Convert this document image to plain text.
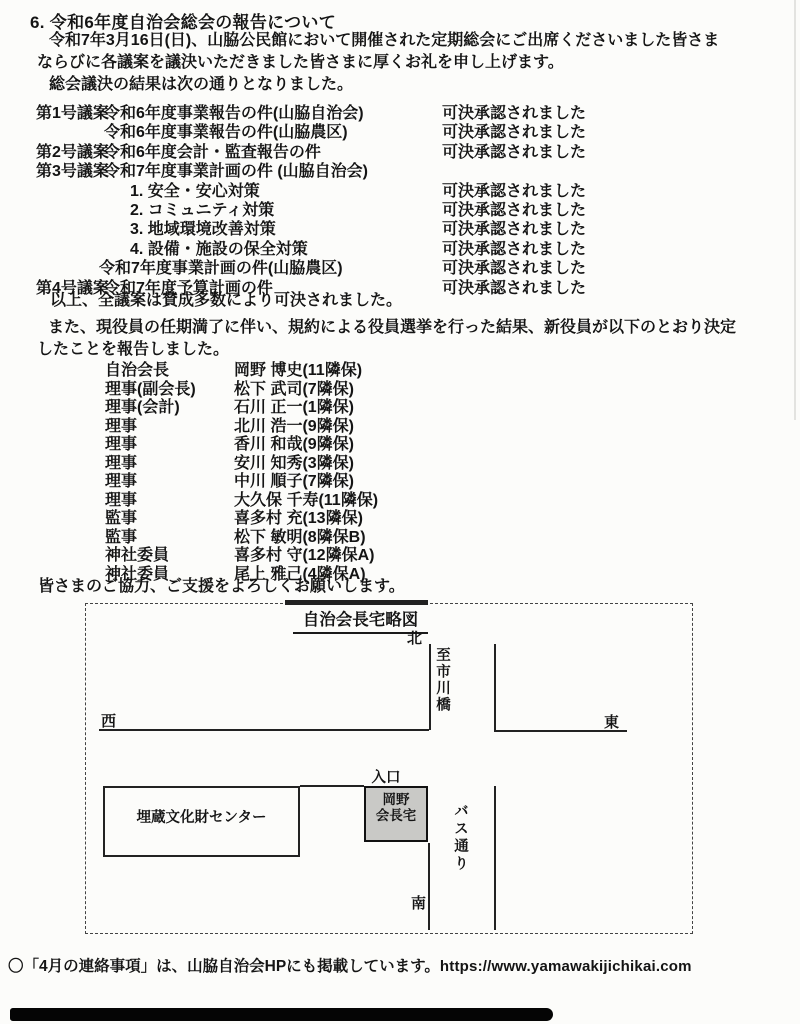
6. 令和6年度自治会総会の報告について
令和7年3月16日(日)、山脇公民館において開催された定期総会にご出席くださいました皆さま
ならびに各議案を議決いただきました皆さまに厚くお礼を申し上げます。
総会議決の結果は次の通りとなりました。
第1号議案
令和6年度事業報告の件(山脇自治会)	可決承認されました
令和6年度事業報告の件(山脇農区)	可決承認されました
第2号議案
令和6年度会計・監査報告の件	可決承認されました
第3号議案
令和7年度事業計画の件 (山脇自治会)
1. 安全・安心対策	可決承認されました
2. コミュニティ対策	可決承認されました
3. 地域環境改善対策	可決承認されました
4. 設備・施設の保全対策	可決承認されました
令和7年度事業計画の件(山脇農区)	可決承認されました
第4号議案
令和7年度予算計画の件	可決承認されました
以上、全議案は賛成多数により可決されました。
また、現役員の任期満了に伴い、規約による役員選挙を行った結果、新役員が以下のとおり決定
したことを報告しました。
自治会長	岡野 博史(11隣保)
理事(副会長) 松下 武司(7隣保)
理事(会計)	石川 正一(1隣保)
理事	北川 浩一(9隣保)
理事	香川 和哉(9隣保)
理事	安川 知秀(3隣保)
理事	中川 順子(7隣保)
理事	大久保 千寿(11隣保)
監事	喜多村 充(13隣保)
監事	松下 敏明(8隣保B)
神社委員	喜多村 守(12隣保A)
神社委員	尾上 雅己(4隣保A)
皆さまのご協力、ご支援をよろしくお願いします。
自治会長宅略図
北
至市川橋
西	東
埋蔵文化財センター
入口
岡野
会長宅	バス通り
南
〇「4月の連絡事項」は、山脇自治会HPにも掲載しています。https://www.yamawakijichikai.com
